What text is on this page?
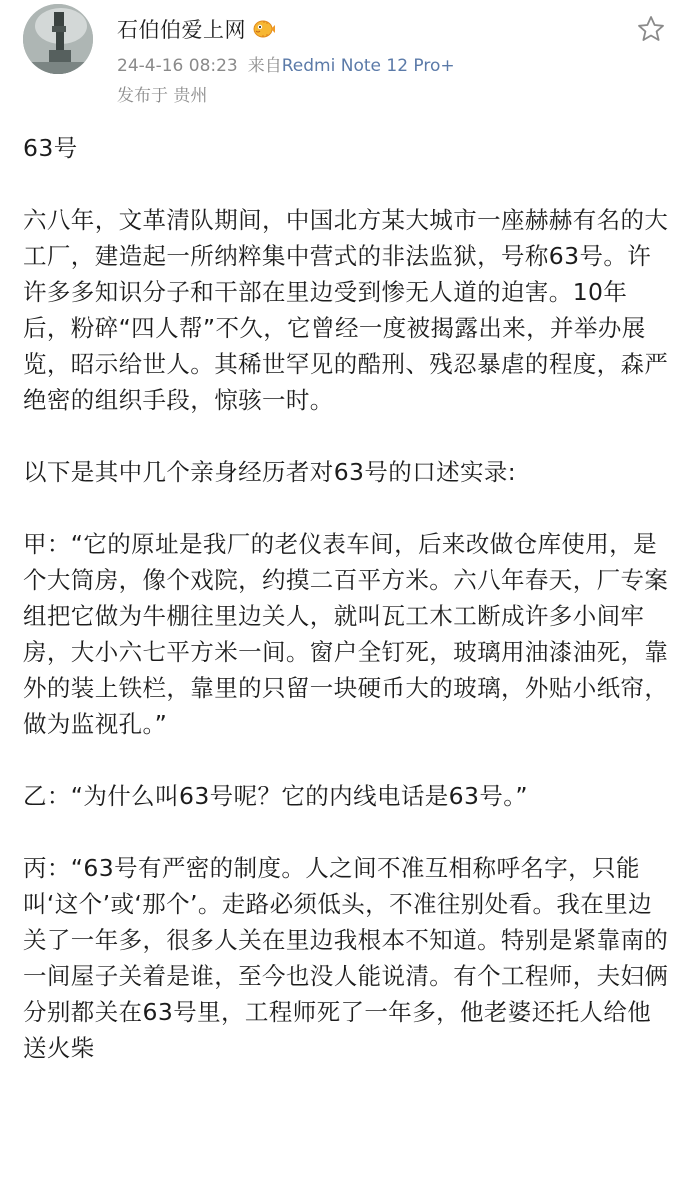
石伯伯爱上网
24-4-16 08:23 来自Redmi Note 12 Pro+
发布于 贵州

63号

六八年，文革清队期间，中国北方某大城市一座赫赫有名的大工厂，建造起一所纳粹集中营式的非法监狱，号称63号。许许多多知识分子和干部在里边受到惨无人道的迫害。10年后，粉碎“四人帮”不久，它曾经一度被揭露出来，并举办展览，昭示给世人。其稀世罕见的酷刑、残忍暴虐的程度，森严绝密的组织手段，惊骇一时。

以下是其中几个亲身经历者对63号的口述实录:

甲：“它的原址是我厂的老仪表车间，后来改做仓库使用，是个大筒房，像个戏院，约摸二百平方米。六八年春天，厂专案组把它做为牛棚往里边关人，就叫瓦工木工断成许多小间牢房，大小六七平方米一间。窗户全钉死，玻璃用油漆油死，靠外的装上铁栏，靠里的只留一块硬币大的玻璃，外贴小纸帘，做为监视孔。”

乙：“为什么叫63号呢？它的内线电话是63号。”

丙：“63号有严密的制度。人之间不准互相称呼名字，只能叫‘这个’或‘那个’。走路必须低头，不准往别处看。我在里边关了一年多，很多人关在里边我根本不知道。特别是紧靠南的一间屋子关着是谁，至今也没人能说清。有个工程师，夫妇俩分别都关在63号里，工程师死了一年多，他老婆还托人给他送火柴
